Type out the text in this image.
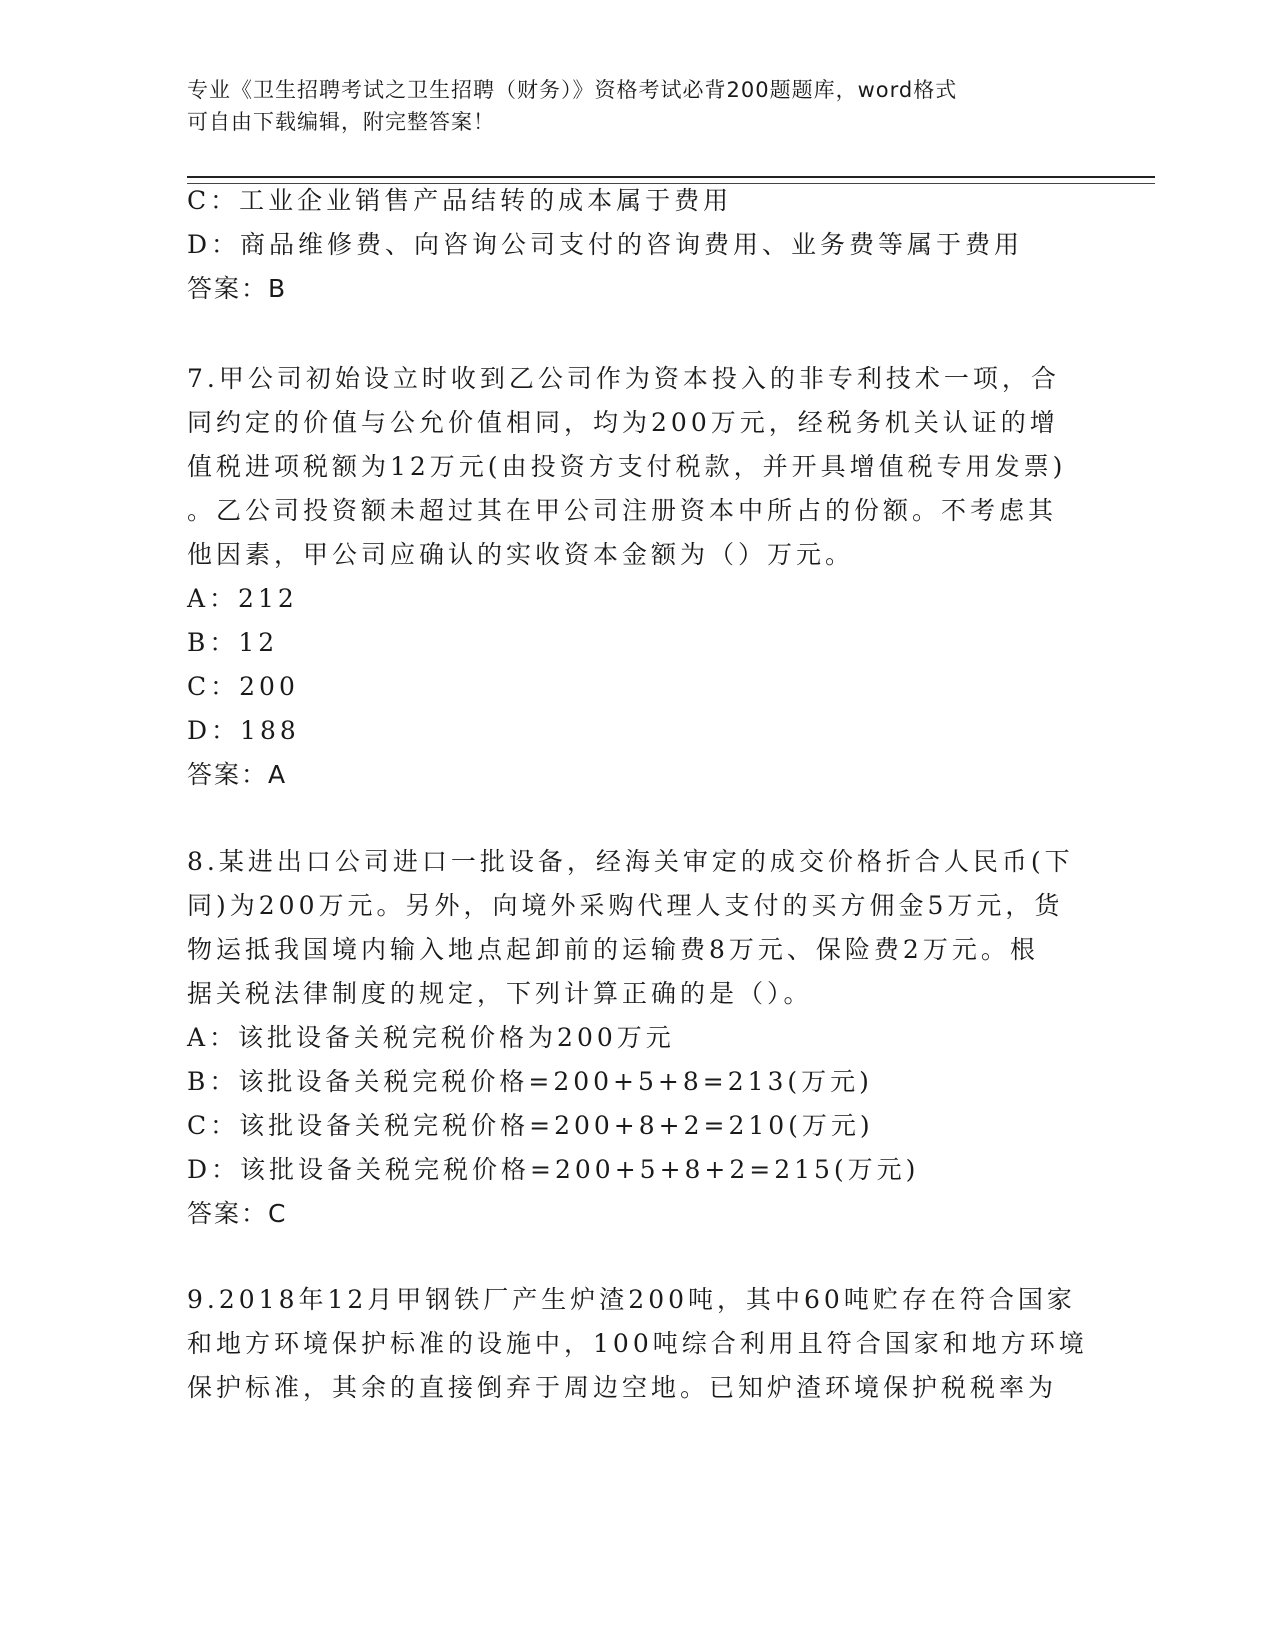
专业《卫生招聘考试之卫生招聘（财务）》资格考试必背200题题库，word格式
可自由下载编辑，附完整答案！
C：工业企业销售产品结转的成本属于费用
D：商品维修费、向咨询公司支付的咨询费用、业务费等属于费用
答案：B
7.甲公司初始设立时收到乙公司作为资本投入的非专利技术一项，合
同约定的价值与公允价值相同，均为200万元，经税务机关认证的增
值税进项税额为12万元(由投资方支付税款，并开具增值税专用发票)
。乙公司投资额未超过其在甲公司注册资本中所占的份额。不考虑其
他因素，甲公司应确认的实收资本金额为（）万元。
A：212
B：12
C：200
D：188
答案：A
8.某进出口公司进口一批设备，经海关审定的成交价格折合人民币(下
同)为200万元。另外，向境外采购代理人支付的买方佣金5万元，货
物运抵我国境内输入地点起卸前的运输费8万元、保险费2万元。根
据关税法律制度的规定，下列计算正确的是（）。
A：该批设备关税完税价格为200万元
B：该批设备关税完税价格=200+5+8=213(万元)
C：该批设备关税完税价格=200+8+2=210(万元)
D：该批设备关税完税价格=200+5+8+2=215(万元)
答案：C
9.2018年12月甲钢铁厂产生炉渣200吨，其中60吨贮存在符合国家
和地方环境保护标准的设施中，100吨综合利用且符合国家和地方环境
保护标准，其余的直接倒弃于周边空地。已知炉渣环境保护税税率为
